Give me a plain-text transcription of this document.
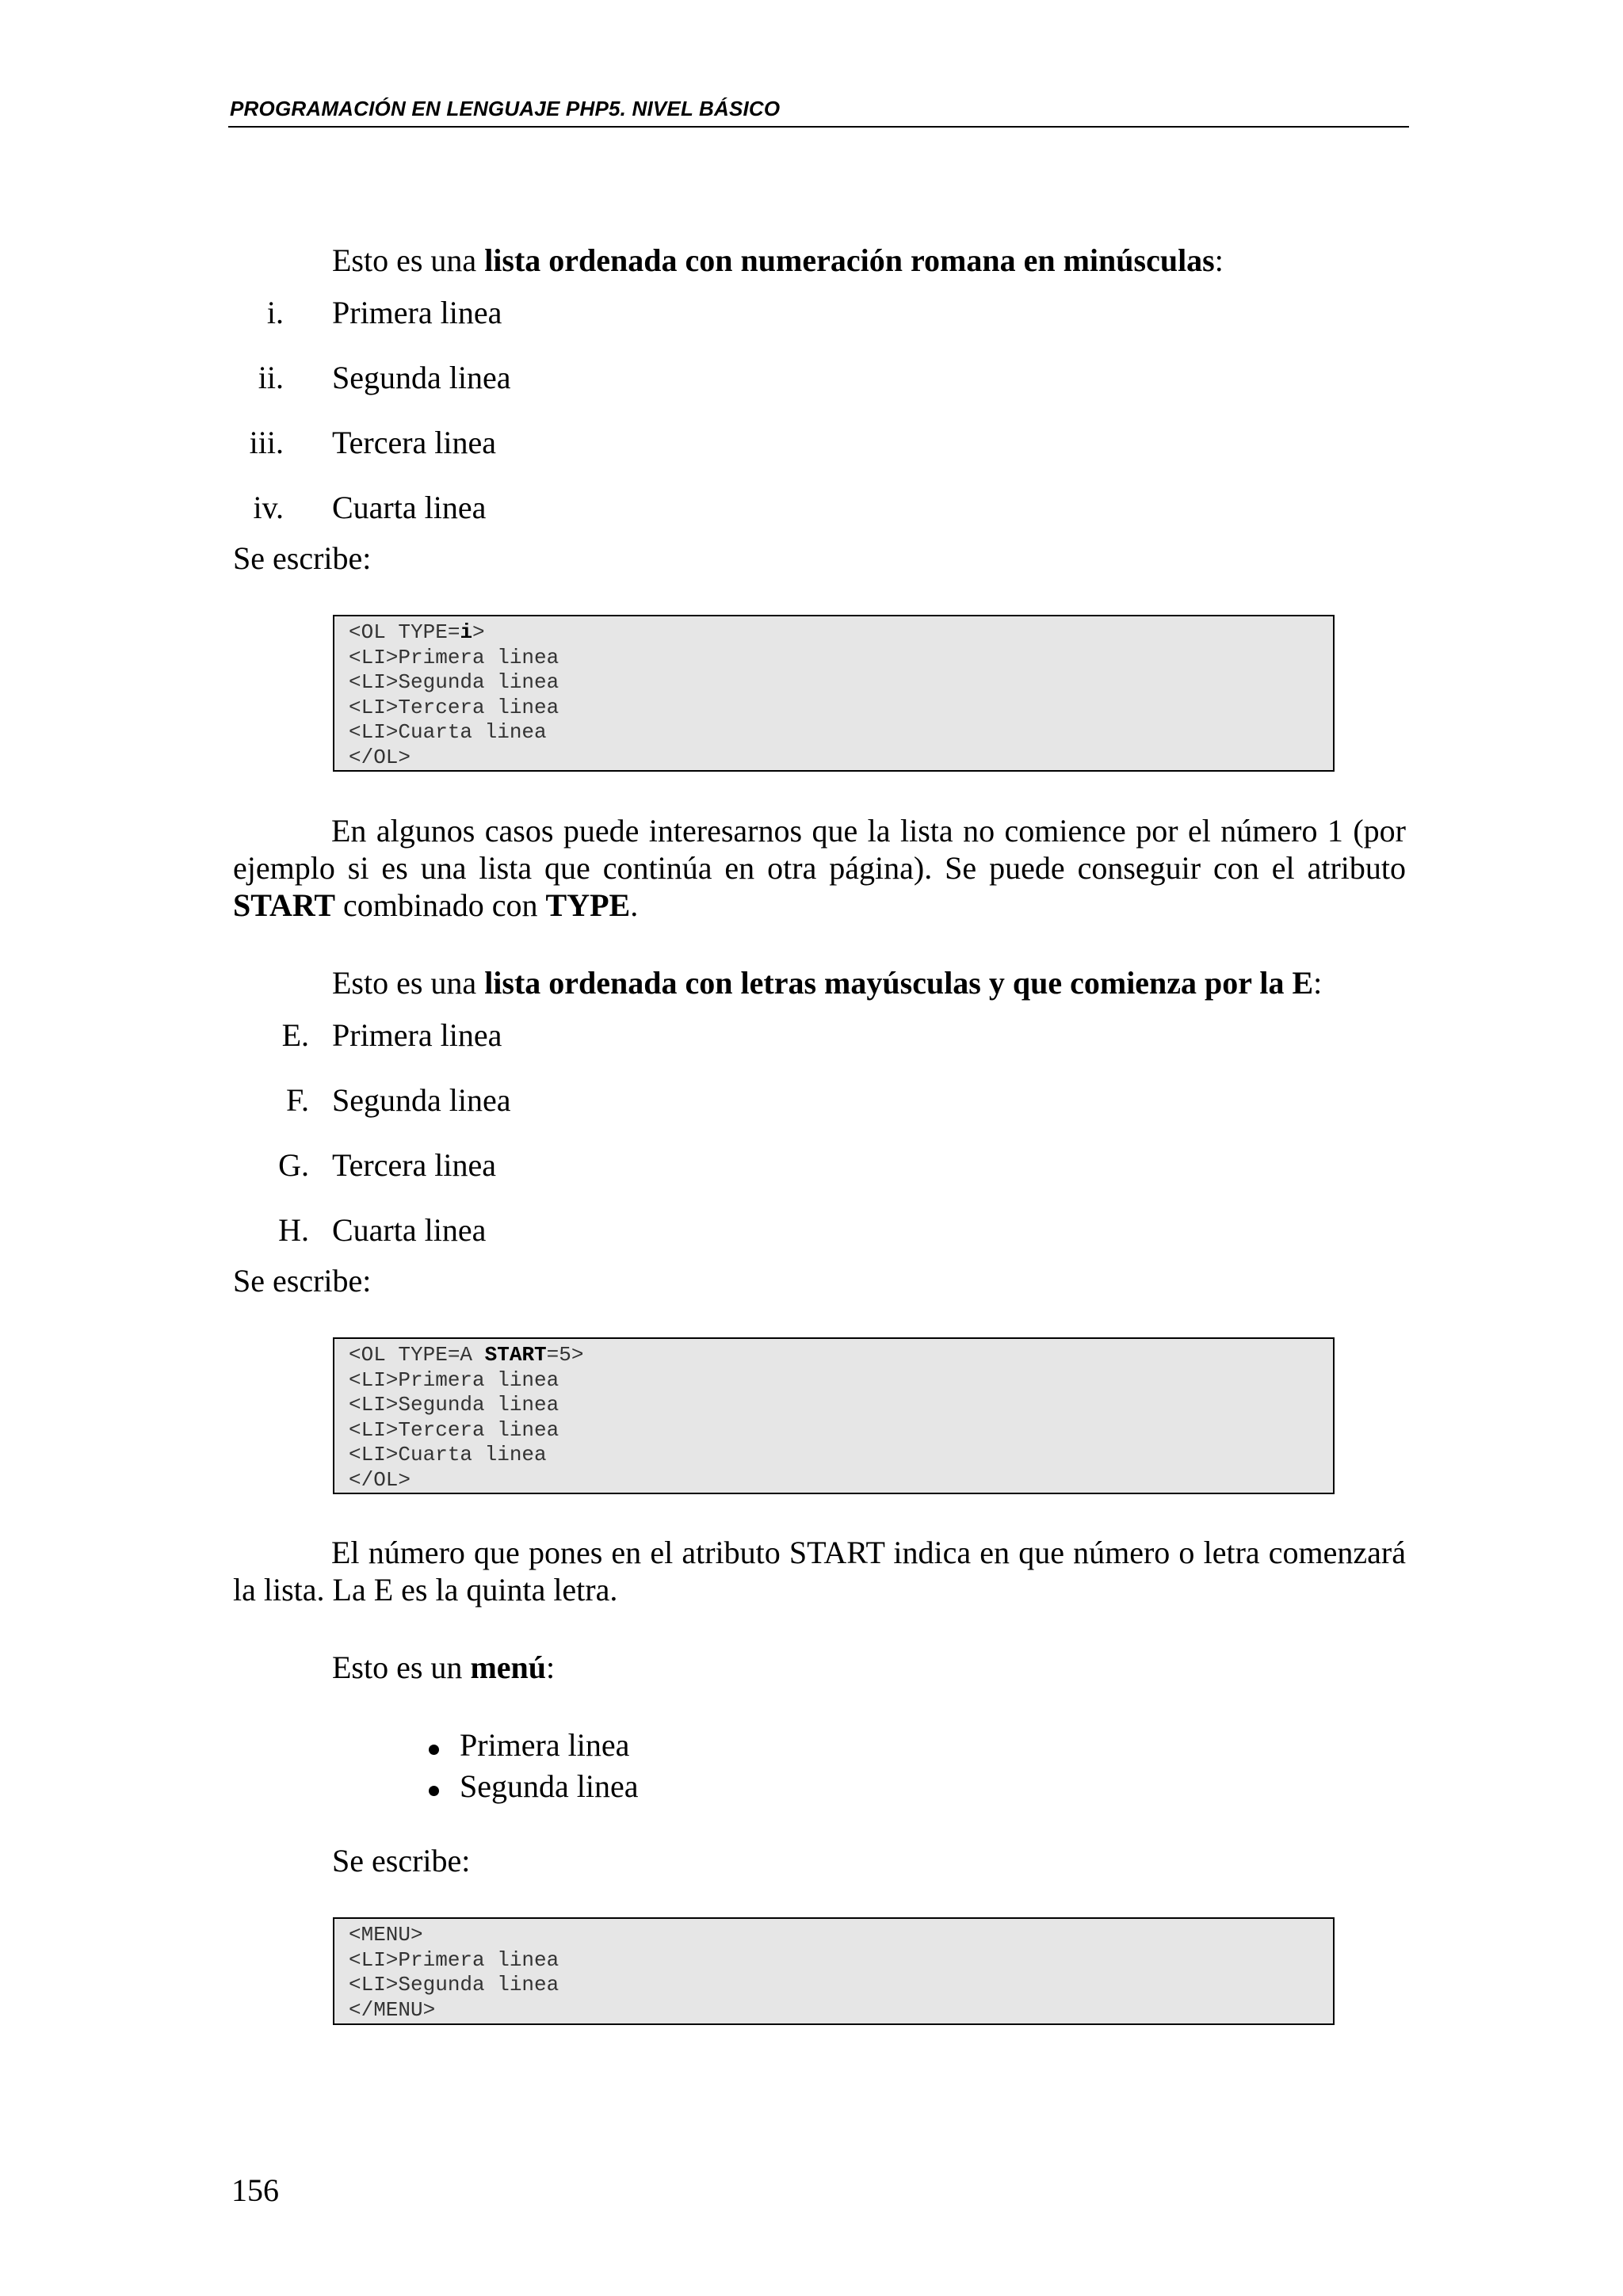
PROGRAMACIÓN EN LENGUAJE PHP5. NIVEL BÁSICO
Esto es una lista ordenada con numeración romana en minúsculas:
i. Primera linea
ii. Segunda linea
iii. Tercera linea
iv. Cuarta linea
Se escribe:
<OL TYPE=i>
<LI>Primera linea
<LI>Segunda linea
<LI>Tercera linea
<LI>Cuarta linea
</OL>
En algunos casos puede interesarnos que la lista no comience por el número 1 (por ejemplo si es una lista que continúa en otra página). Se puede conseguir con el atributo START combinado con TYPE.
Esto es una lista ordenada con letras mayúsculas y que comienza por la E:
E. Primera linea
F. Segunda linea
G. Tercera linea
H. Cuarta linea
Se escribe:
<OL TYPE=A START=5>
<LI>Primera linea
<LI>Segunda linea
<LI>Tercera linea
<LI>Cuarta linea
</OL>
El número que pones en el atributo START indica en que número o letra comenzará la lista. La E es la quinta letra.
Esto es un menú:
Primera linea
Segunda linea
Se escribe:
<MENU>
<LI>Primera linea
<LI>Segunda linea
</MENU>
156
